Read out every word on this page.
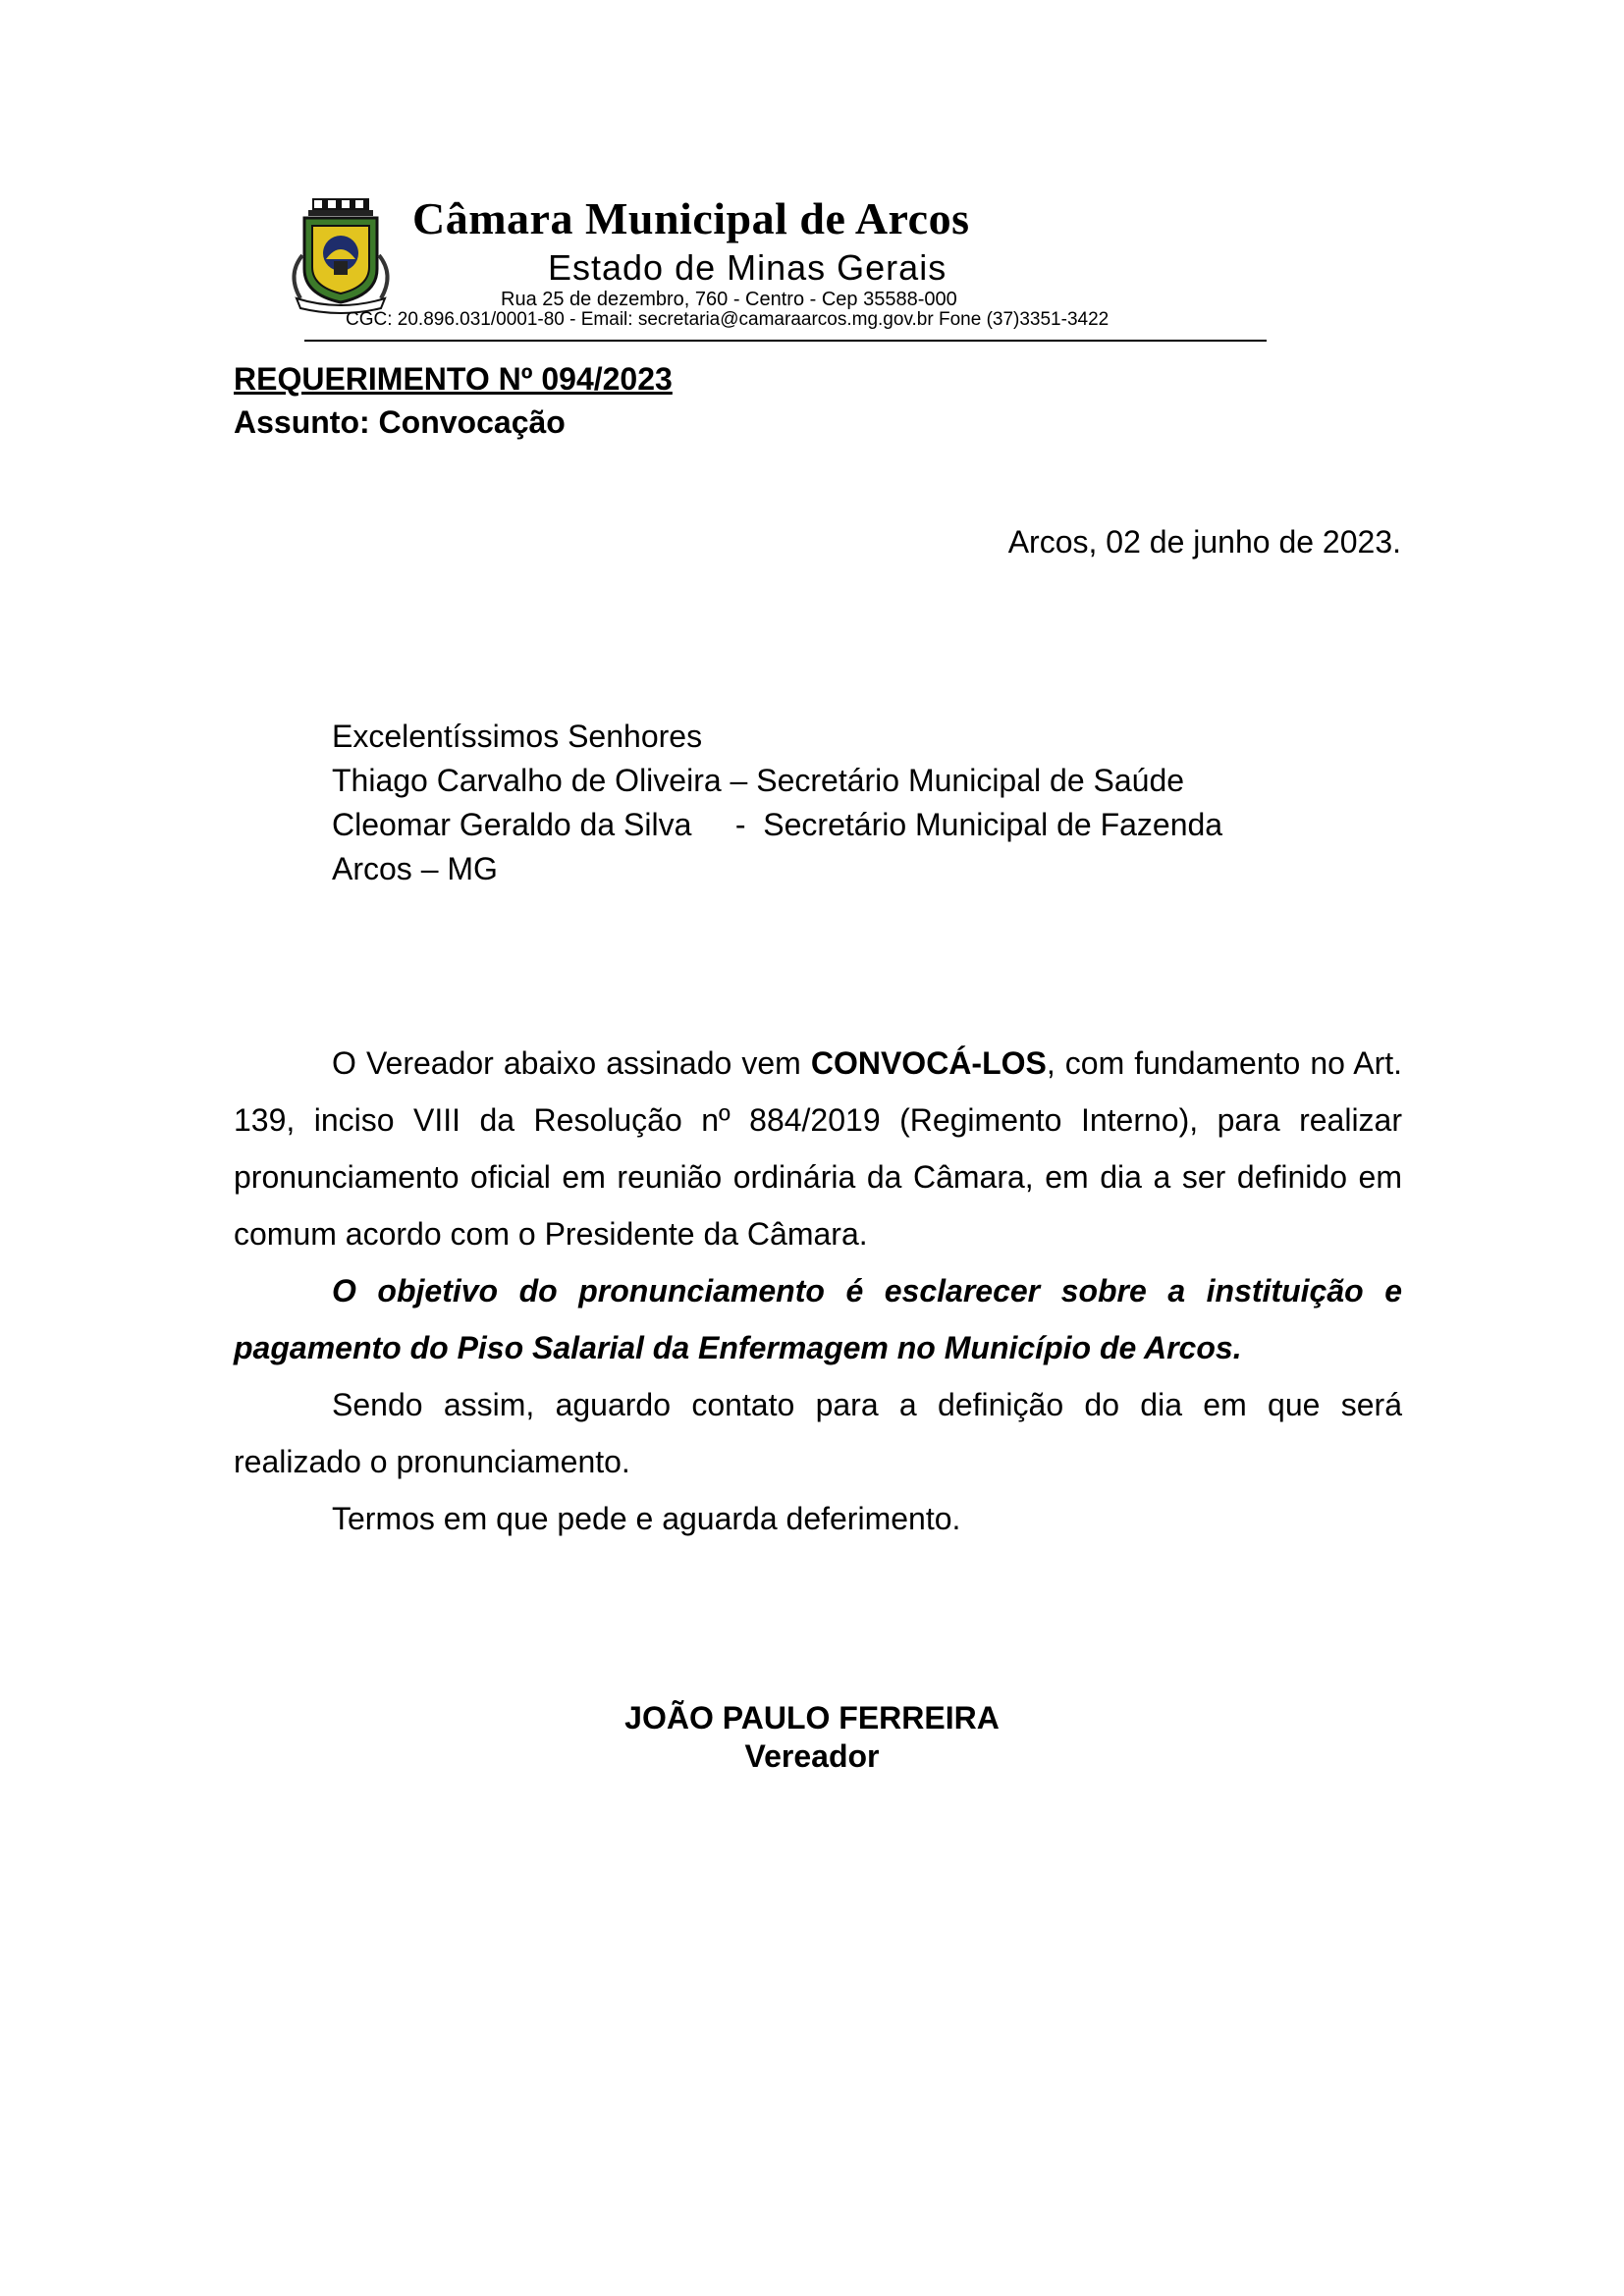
Câmara Municipal de Arcos
Estado de Minas Gerais
Rua 25 de dezembro, 760 - Centro - Cep 35588-000
CGC: 20.896.031/0001-80 - Email: secretaria@camaraarcos.mg.gov.br Fone (37)3351-3422
REQUERIMENTO Nº 094/2023
Assunto: Convocação
Arcos, 02 de junho de 2023.
Excelentíssimos Senhores
Thiago Carvalho de Oliveira – Secretário Municipal de Saúde
Cleomar Geraldo da Silva     -  Secretário Municipal de Fazenda
Arcos – MG

O Vereador abaixo assinado vem CONVOCÁ-LOS, com fundamento no Art. 139, inciso VIII da Resolução nº 884/2019 (Regimento Interno), para realizar pronunciamento oficial em reunião ordinária da Câmara, em dia a ser definido em comum acordo com o Presidente da Câmara.

O objetivo do pronunciamento é esclarecer sobre a instituição e pagamento do Piso Salarial da Enfermagem no Município de Arcos.

Sendo assim, aguardo contato para a definição do dia em que será realizado o pronunciamento.

Termos em que pede e aguarda deferimento.

JOÃO PAULO FERREIRA
Vereador
